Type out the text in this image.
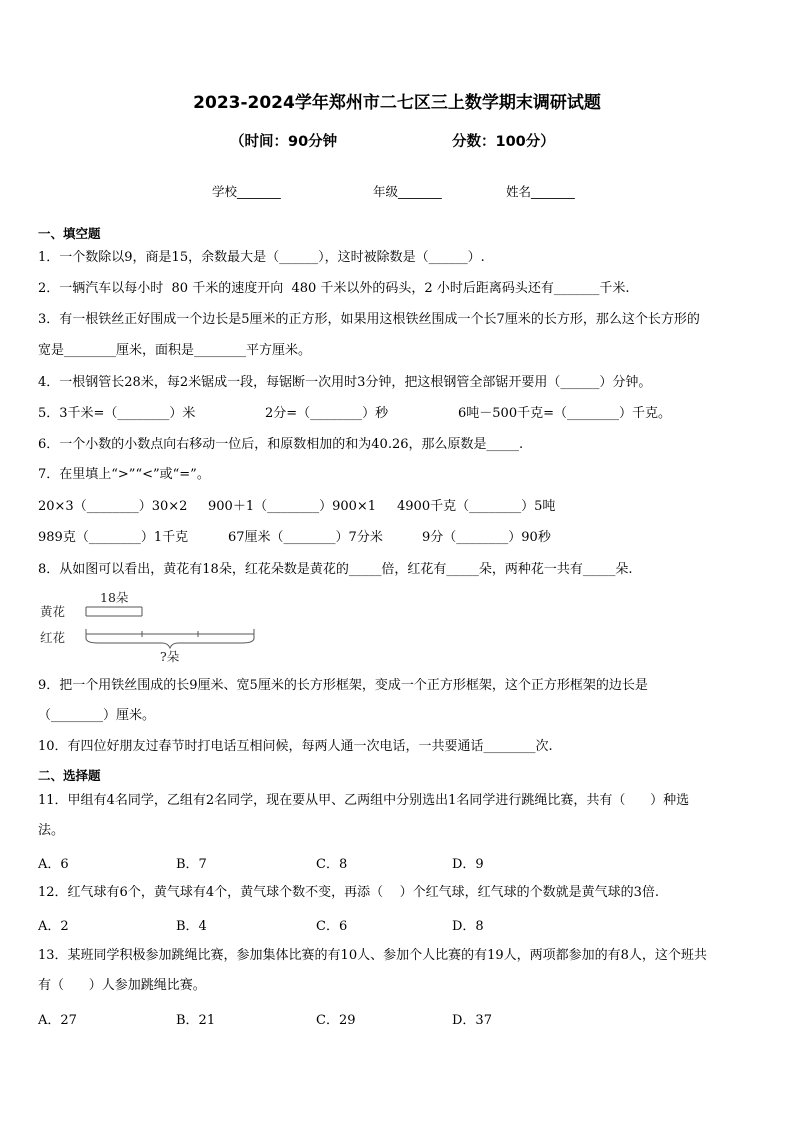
2023-2024学年郑州市二七区三上数学期末调研试题
（时间：90分钟	分数：100分）
学校_______	年级_______	姓名_______
一、填空题
1．一个数除以9，商是15，余数最大是（______），这时被除数是（______）.
2．一辆汽车以每小时  80 千米的速度开向  480 千米以外的码头，2 小时后距离码头还有_______千米.
3．有一根铁丝正好围成一个边长是5厘米的正方形，如果用这根铁丝围成一个长7厘米的长方形，那么这个长方形的
宽是________厘米，面积是________平方厘米。
4．一根钢管长28米，每2米锯成一段，每锯断一次用时3分钟，把这根钢管全部锯开要用（______）分钟。
5．3千米=（________）米	2分=（________）秒	6吨－500千克=（________）千克。
6．一个小数的小数点向右移动一位后，和原数相加的和为40.26，那么原数是_____.
7．在里填上“>”“<”或“=”。
20×3（________）30×2 900＋1（________）900×1 4900千克（________）5吨
989克（________）1千克	67厘米（________）7分米	9分（________）90秒
8．从如图可以看出，黄花有18朵，红花朵数是黄花的_____倍，红花有_____朵，两种花一共有_____朵.
黄花
红花
18朵
?朵
9．把一个用铁丝围成的长9厘米、宽5厘米的长方形框架，变成一个正方形框架，这个正方形框架的边长是
（________）厘米。
10．有四位好朋友过春节时打电话互相问候，每两人通一次电话，一共要通话________次.
二、选择题
11．甲组有4名同学，乙组有2名同学，现在要从甲、乙两组中分别选出1名同学进行跳绳比赛，共有（      ）种选
法。
A．6	B．7	C．8	D．9
12．红气球有6个，黄气球有4个，黄气球个数不变，再添（    ）个红气球，红气球的个数就是黄气球的3倍.
A．2	B．4	C．6	D．8
13．某班同学积极参加跳绳比赛，参加集体比赛的有10人、参加个人比赛的有19人，两项都参加的有8人，这个班共
有（      ）人参加跳绳比赛。
A．27	B．21	C．29	D．37
